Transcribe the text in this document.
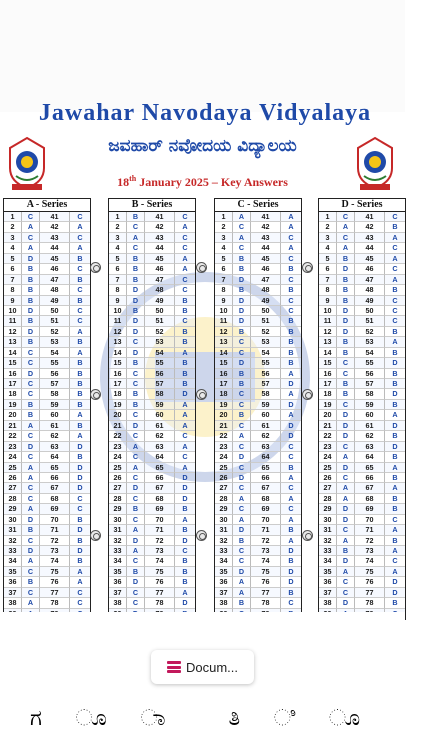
Jawahar Navodaya Vidyalaya
ಜವಹಾರ್ ನವೋದಯ ವಿದ್ಯಾಲಯ
18th January 2025 – Key Answers
A - Series
1	C	41	C
2	A	42	A
3	C	43	C
4	A	44	A
5	D	45	B
6	B	46	C
7	B	47	B
8	B	48	C
9	B	49	B
10	D	50	C
11	B	51	C
12	D	52	A
13	B	53	B
14	C	54	A
15	C	55	B
16	D	56	B
17	C	57	B
18	C	58	B
19	B	59	B
20	B	60	A
21	A	61	B
22	C	62	A
23	D	63	D
24	C	64	B
25	A	65	D
26	A	66	D
27	C	67	D
28	C	68	C
29	A	69	C
30	D	70	B
31	B	71	D
32	C	72	B
33	D	73	D
34	A	74	B
35	C	75	A
36	B	76	A
37	C	77	C
38	A	78	C
B - Series
1	B	41	C
2	C	42	A
3	A	43	C
4	C	44	C
5	B	45	A
6	B	46	A
7	B	47	C
8	D	48	C
9	D	49	B
10	B	50	B
11	D	51	C
12	D	52	B
13	C	53	B
14	D	54	A
15	B	55	B
16	C	56	B
17	C	57	B
18	B	58	D
19	B	59	A
20	C	60	A
21	D	61	A
22	C	62	C
23	A	63	A
24	C	64	C
25	A	65	A
26	C	66	D
27	D	67	D
28	C	68	D
29	B	69	B
30	C	70	A
31	A	71	B
32	D	72	D
33	A	73	C
34	C	74	B
35	B	75	B
36	D	76	B
37	C	77	A
38	C	78	D
C - Series
1	A	41	A
2	C	42	A
3	A	43	C
4	C	44	A
5	B	45	C
6	B	46	B
7	D	47	C
8	B	48	B
9	D	49	C
10	D	50	C
11	D	51	B
12	B	52	B
13	C	53	B
14	C	54	B
15	D	55	B
16	B	56	A
17	B	57	D
18	C	58	A
19	C	59	D
20	B	60	A
21	C	61	D
22	A	62	D
23	C	63	C
24	D	64	C
25	C	65	B
26	D	66	A
27	C	67	C
28	A	68	A
29	C	69	C
30	A	70	A
31	D	71	B
32	B	72	A
33	C	73	D
34	C	74	B
35	D	75	D
36	A	76	D
37	A	77	B
38	B	78	C
D - Series
1	C	41	C
2	A	42	B
3	C	43	A
4	A	44	C
5	B	45	A
6	D	46	C
7	B	47	A
8	B	48	B
9	B	49	C
10	D	50	C
11	D	51	C
12	D	52	B
13	B	53	A
14	B	54	B
15	C	55	D
16	C	56	B
17	B	57	B
18	B	58	D
19	C	59	B
20	D	60	A
21	D	61	D
22	D	62	B
23	C	63	D
24	A	64	B
25	D	65	A
26	C	66	B
27	A	67	A
28	A	68	B
29	D	69	B
30	D	70	C
31	C	71	A
32	A	72	B
33	B	73	A
34	D	74	C
35	A	75	A
36	C	76	D
37	C	77	D
38	D	78	B
Docum...
ಗ ೂ ಾ ತಿ ಿ ೂ
